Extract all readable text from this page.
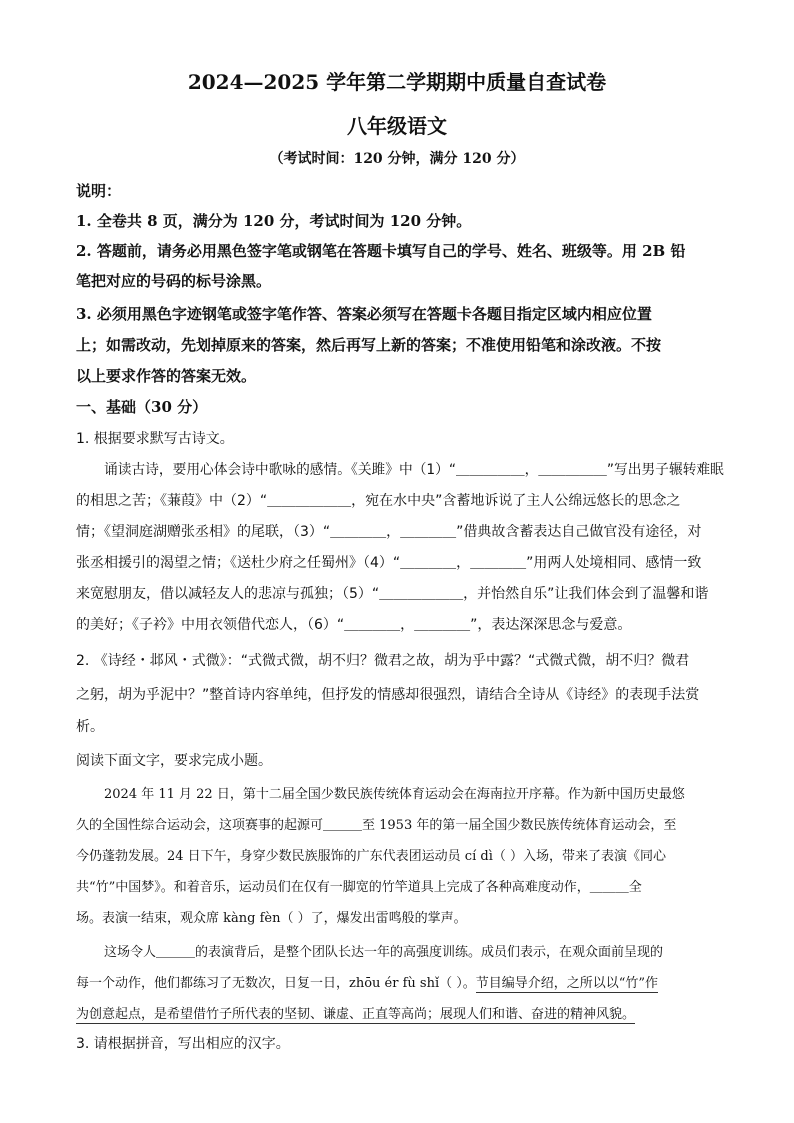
2024—2025 学年第二学期期中质量自查试卷
八年级语文
（考试时间：120 分钟，满分 120 分）
说明：
1. 全卷共 8 页，满分为 120 分，考试时间为 120 分钟。
2. 答题前，请务必用黑色签字笔或钢笔在答题卡填写自己的学号、姓名、班级等。用 2B 铅
笔把对应的号码的标号涂黑。
3. 必须用黑色字迹钢笔或签字笔作答、答案必须写在答题卡各题目指定区域内相应位置
上；如需改动，先划掉原来的答案，然后再写上新的答案；不准使用铅笔和涂改液。不按
以上要求作答的答案无效。
一、基础（30 分）
1. 根据要求默写古诗文。
诵读古诗，要用心体会诗中歌咏的感情。《关雎》中（1）“＿＿＿＿＿，＿＿＿＿＿”写出男子辗转难眠
的相思之苦；《蒹葭》中（2）“＿＿＿＿＿＿，宛在水中央”含蓄地诉说了主人公绵远悠长的思念之
情；《望洞庭湖赠张丞相》的尾联，（3）“＿＿＿＿，＿＿＿＿”借典故含蓄表达自己做官没有途径，对
张丞相援引的渴望之情；《送杜少府之任蜀州》（4）“＿＿＿＿，＿＿＿＿”用两人处境相同、感情一致
来宽慰朋友，借以减轻友人的悲凉与孤独；（5）“＿＿＿＿＿＿，并怡然自乐”让我们体会到了温馨和谐
的美好；《子衿》中用衣领借代恋人，（6）“＿＿＿＿，＿＿＿＿”，表达深深思念与爱意。
2. 《诗经・邶风・式微》：“式微式微，胡不归？微君之故，胡为乎中露？“式微式微，胡不归？微君
之躬，胡为乎泥中？”整首诗内容单纯，但抒发的情感却很强烈，请结合全诗从《诗经》的表现手法赏
析。
阅读下面文字，要求完成小题。
2024 年 11 月 22 日，第十二届全国少数民族传统体育运动会在海南拉开序幕。作为新中国历史最悠
久的全国性综合运动会，这项赛事的起源可＿＿＿至 1953 年的第一届全国少数民族传统体育运动会，至
今仍蓬勃发展。24 日下午，身穿少数民族服饰的广东代表团运动员 cí dì（ ）入场，带来了表演《同心
共“竹”中国梦》。和着音乐，运动员们在仅有一脚宽的竹竿道具上完成了各种高难度动作，＿＿＿全
场。表演一结束，观众席 kàng fèn（ ）了，爆发出雷鸣般的掌声。
这场令人＿＿＿的表演背后，是整个团队长达一年的高强度训练。成员们表示，在观众面前呈现的
每一个动作，他们都练习了无数次，日复一日，zhōu ér fù shǐ（ ）。节目编导介绍，之所以以“竹”作
为创意起点，是希望借竹子所代表的坚韧、谦虚、正直等高尚；展现人们和谐、奋进的精神风貌。
3. 请根据拼音，写出相应的汉字。
